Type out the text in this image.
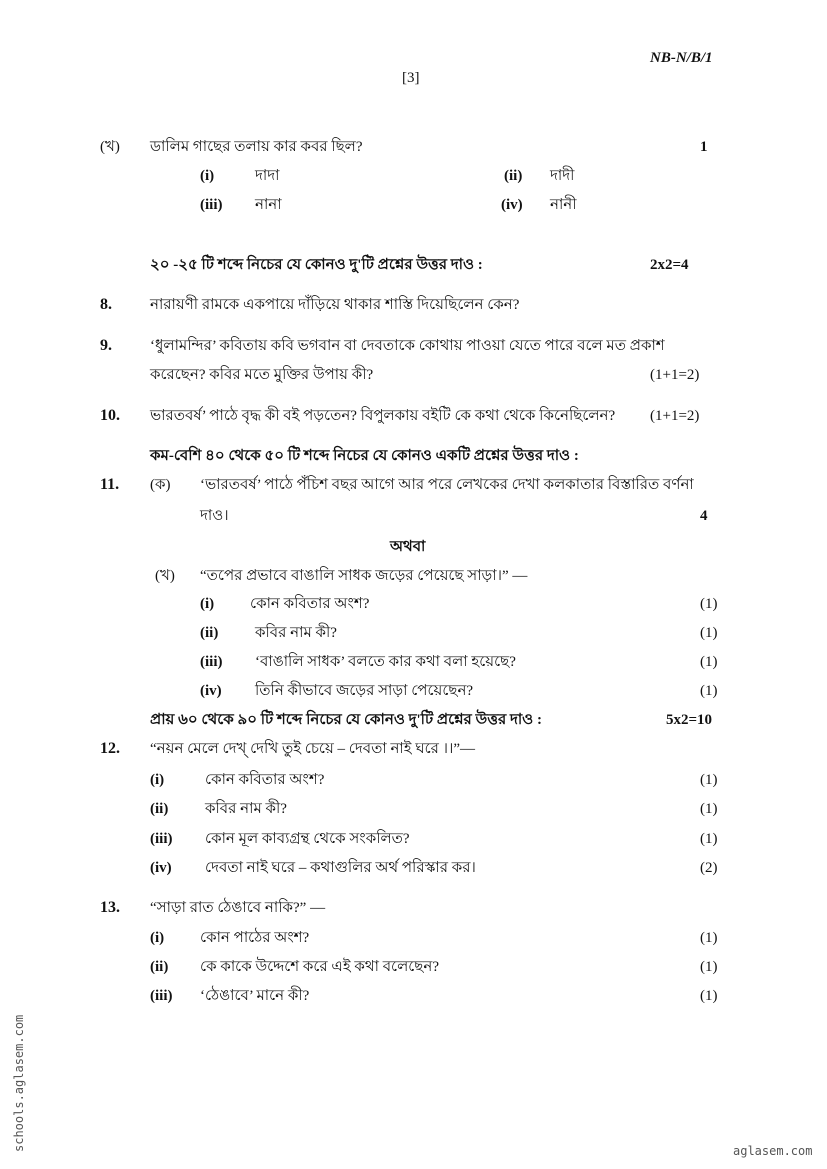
NB-N/B/1
[3]
(খ) ডালিম গাছের তলায় কার কবর ছিল?	1
(i)	দাদা	(ii) দাদী
(iii) নানা	(iv) নানী
২০ -২৫ টি শব্দে নিচের যে কোনও দু'টি প্রশ্নের উত্তর দাও :	2x2=4
8.	নারায়ণী রামকে একপায়ে দাঁড়িয়ে থাকার শাস্তি দিয়েছিলেন কেন?
9.	‘ধুলামন্দির’ কবিতায় কবি ভগবান বা দেবতাকে কোথায় পাওয়া যেতে পারে বলে মত প্রকাশ
করেছেন? কবির মতে মুক্তির উপায় কী?	(1+1=2)
10. ভারতবর্ষ’ পাঠে বৃদ্ধ কী বই পড়তেন? বিপুলকায় বইটি কে কথা থেকে কিনেছিলেন? (1+1=2)
কম-বেশি ৪০ থেকে ৫০ টি শব্দে নিচের যে কোনও একটি প্রশ্নের উত্তর দাও :
11. (ক) ‘ভারতবর্ষ’ পাঠে পঁচিশ বছর আগে আর পরে লেখকের দেখা কলকাতার বিস্তারিত বর্ণনা
দাও।	4
অথবা
(খ) “তপের প্রভাবে বাঙালি সাধক জড়ের পেয়েছে সাড়া।” —
(i) কোন কবিতার অংশ?	(1)
(ii) কবির নাম কী?	(1)
(iii) ‘বাঙালি সাধক’ বলতে কার কথা বলা হয়েছে?	(1)
(iv) তিনি কীভাবে জড়ের সাড়া পেয়েছেন?	(1)
প্রায় ৬০ থেকে ৯০ টি শব্দে নিচের যে কোনও দু'টি প্রশ্নের উত্তর দাও :	5x2=10
12. “নয়ন মেলে দেখ্ দেখি তুই চেয়ে – দেবতা নাই ঘরে ।।”—
(i)	কোন কবিতার অংশ?	(1)
(ii) কবির নাম কী?	(1)
(iii) কোন মূল কাব্যগ্রন্থ থেকে সংকলিত?	(1)
(iv) দেবতা নাই ঘরে – কথাগুলির অর্থ পরিস্কার কর।	(2)
13. “সাড়া রাত ঠেঙাবে নাকি?” —
(i) কোন পাঠের অংশ?	(1)
(ii) কে কাকে উদ্দেশে করে এই কথা বলেছেন?	(1)
(iii) ‘ঠেঙাবে’ মানে কী?	(1)
schools.aglasem.com	aglasem.com
